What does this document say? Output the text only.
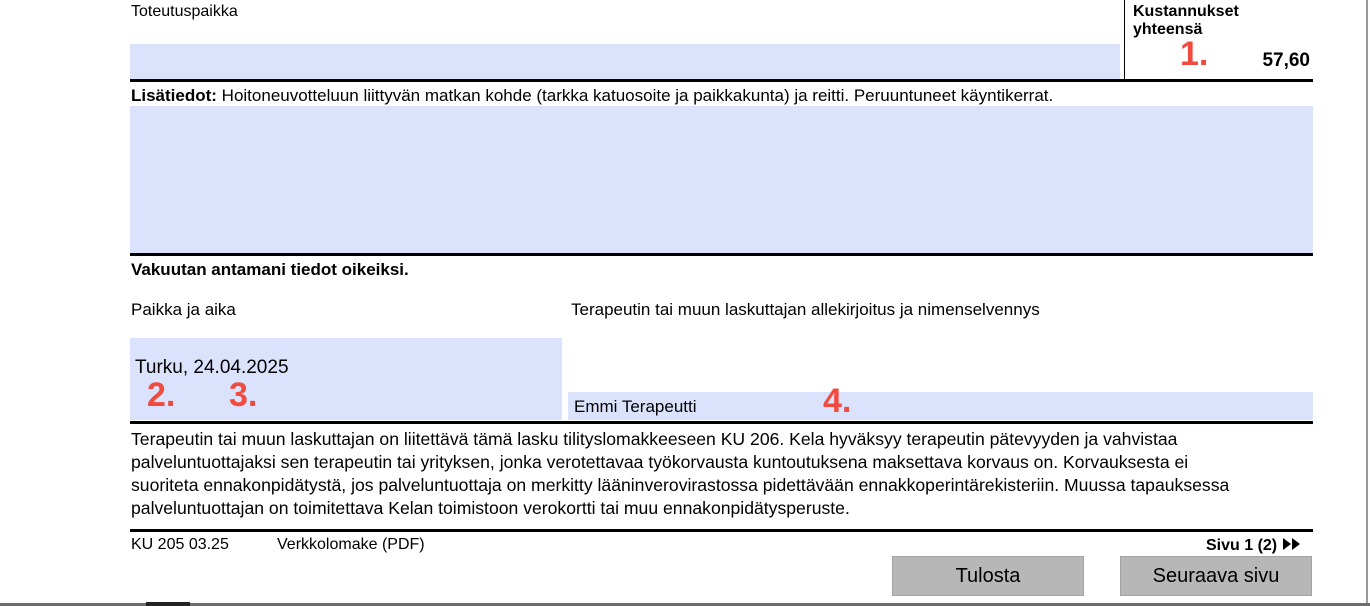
Toteutuspaikka	Kustannukset
yhteensä
57,60
Lisätiedot: Hoitoneuvotteluun liittyvän matkan kohde (tarkka katuosoite ja paikkakunta) ja reitti. Peruuntuneet käyntikerrat.
Vakuutan antamani tiedot oikeiksi.
Paikka ja aika
Turku, 24.04.2025
Terapeutin tai muun laskuttajan allekirjoitus ja nimenselvennys
Emmi Terapeutti
Terapeutin tai muun laskuttajan on liitettävä tämä lasku tilityslomakkeeseen KU 206. Kela hyväksyy terapeutin pätevyyden ja vahvistaa
palveluntuottajaksi sen terapeutin tai yrityksen, jonka verotettavaa työkorvausta kuntoutuksena maksettava korvaus on. Korvauksesta ei
suoriteta ennakonpidätystä, jos palveluntuottaja on merkitty lääninverovirastossa pidettävään ennakkoperintärekisteriin. Muussa tapauksessa
palveluntuottajan on toimitettava Kelan toimistoon verokortti tai muu ennakonpidätysperuste.
KU 205 03.25	Verkkolomake (PDF)	Sivu 1 (2)
Tulosta	Seuraava sivu
1.
2. 3.	4.
